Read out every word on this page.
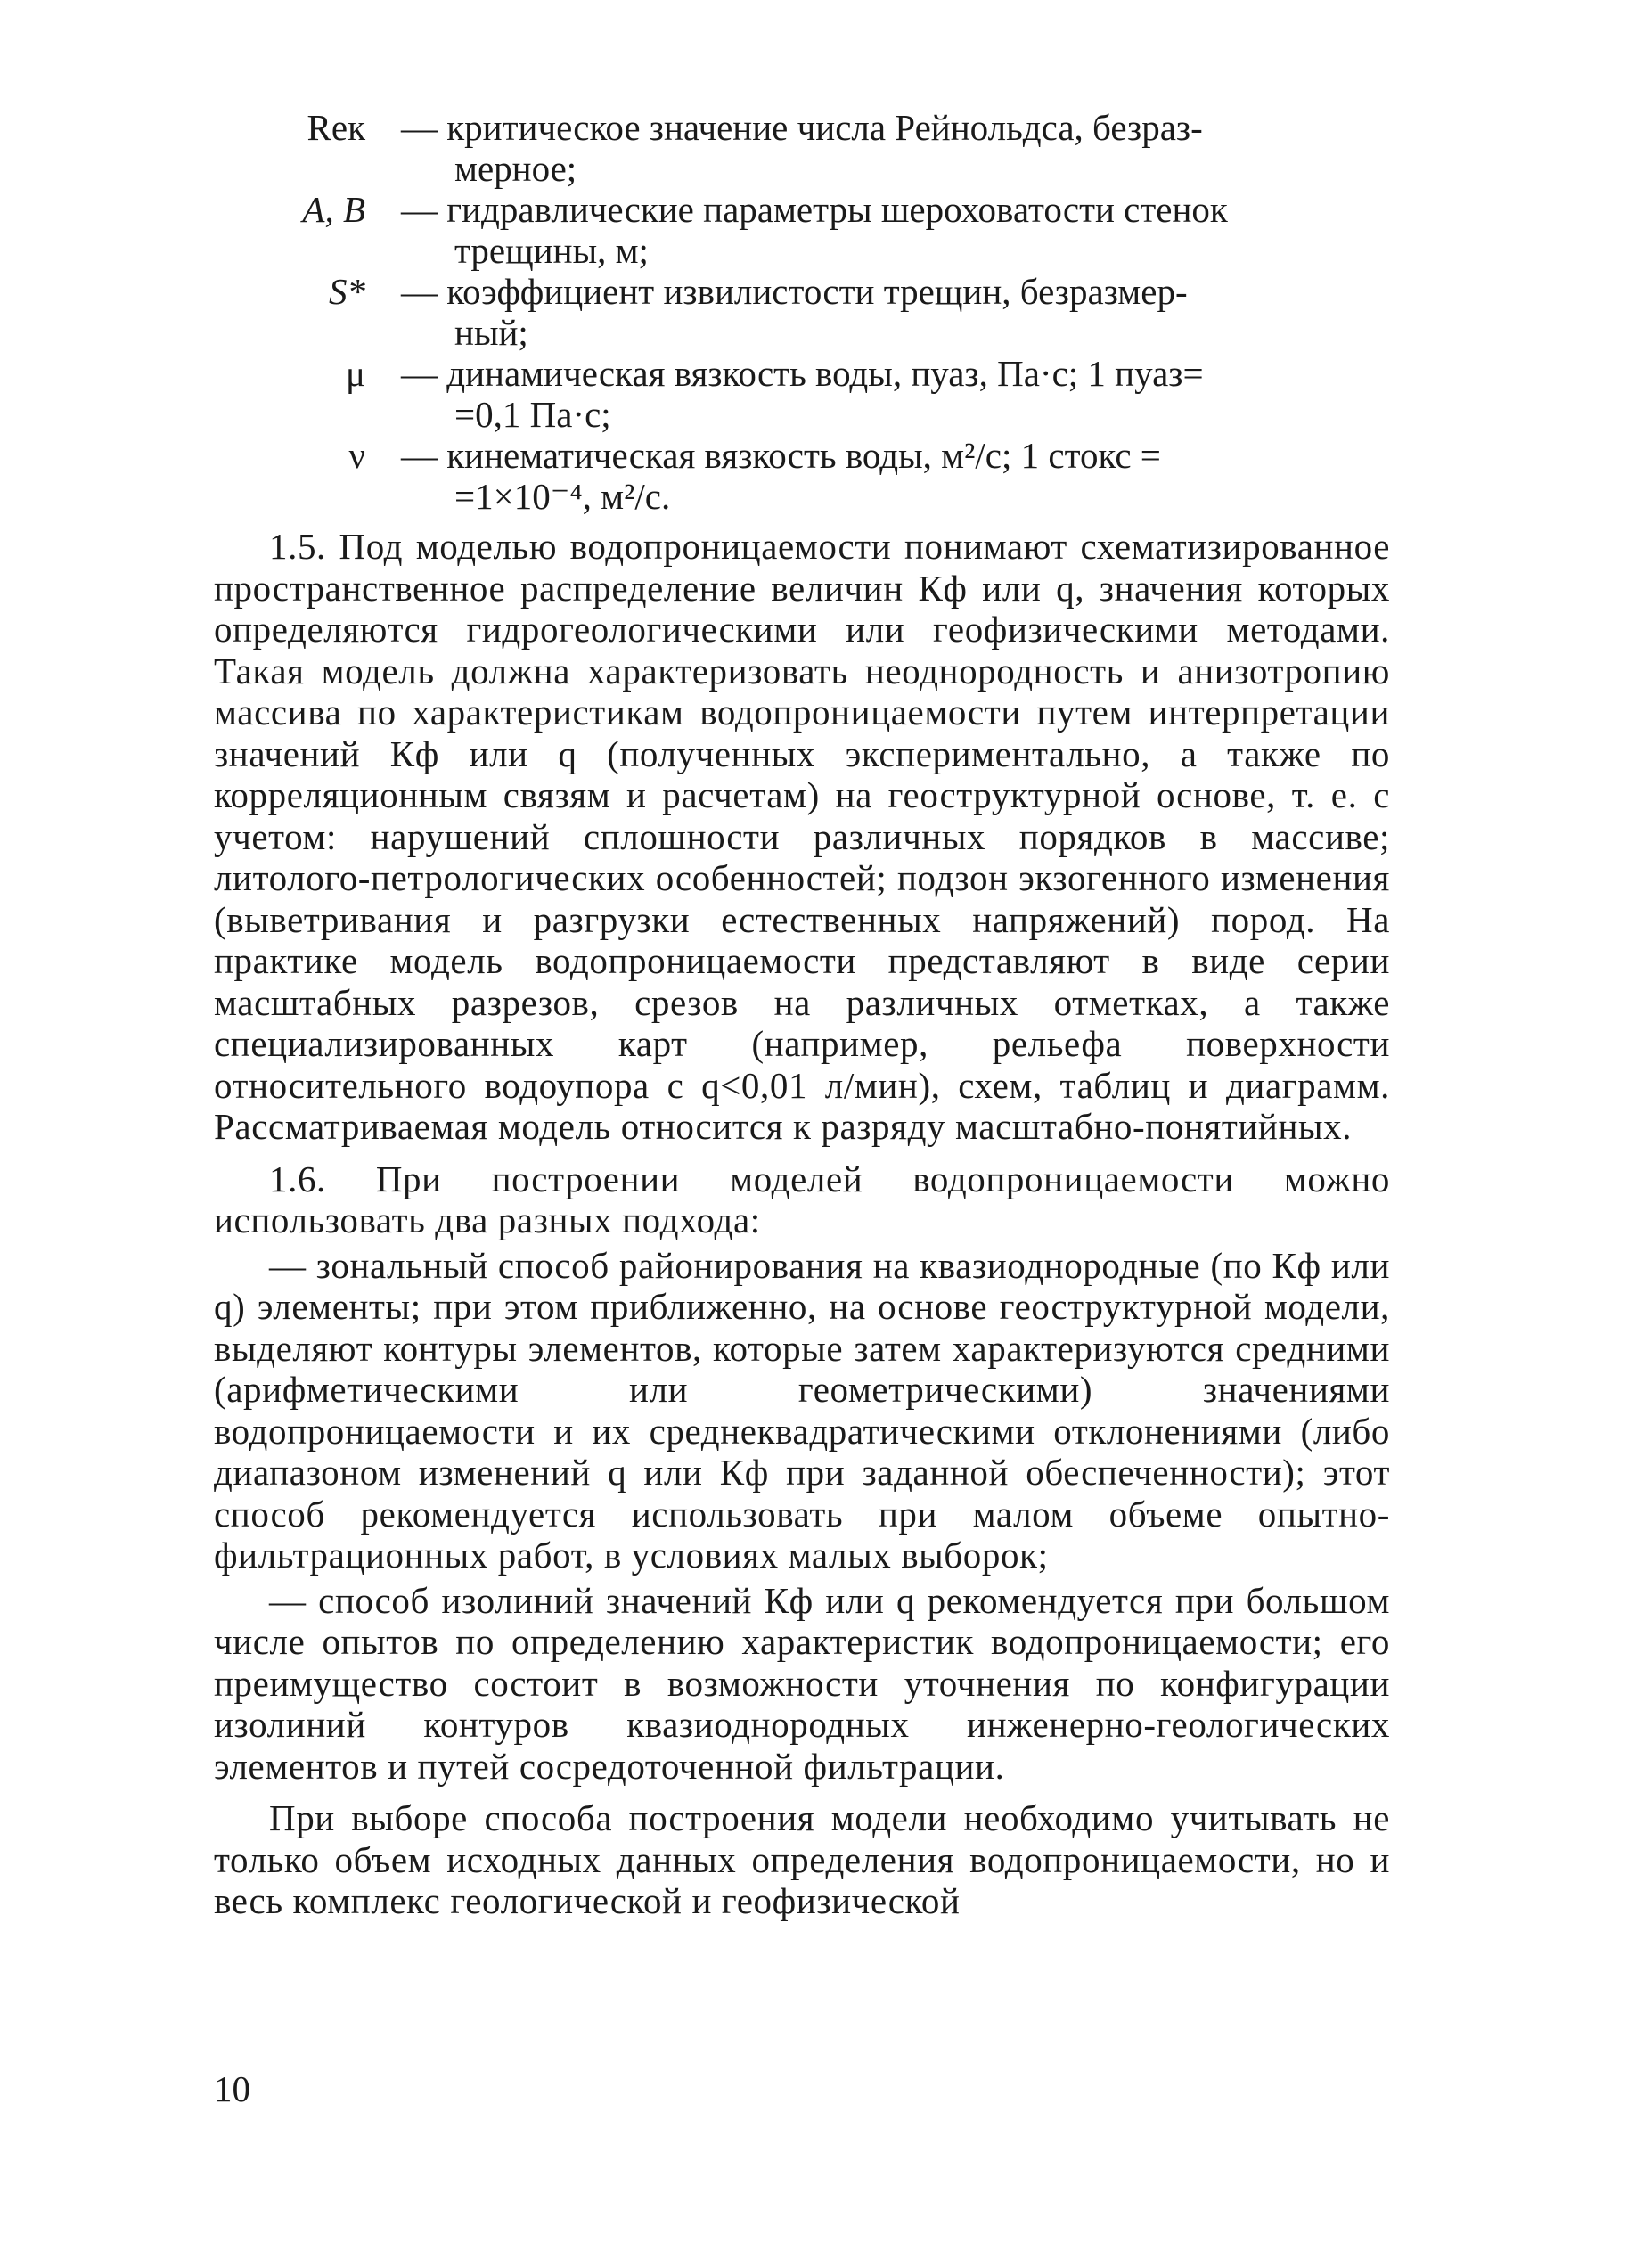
Reк — критическое значение числа Рейнольдса, безраз-
мерное;
A, B — гидравлические параметры шероховатости стенок
трещины, м;
S* — коэффициент извилистости трещин, безразмер-
ный;
μ — динамическая вязкость воды, пуаз, Па·с; 1 пуаз=
=0,1 Па·с;
ν — кинематическая вязкость воды, м²/с; 1 стокс =
=1×10⁻⁴, м²/с.

1.5. Под моделью водопроницаемости понимают схематизированное пространственное распределение величин Кф или q, значения которых определяются гидрогеологическими или геофизическими методами. Такая модель должна характеризовать неоднородность и анизотропию массива по характеристикам водопроницаемости путем интерпретации значений Кф или q (полученных экспериментально, а также по корреляционным связям и расчетам) на геоструктурной основе, т. е. с учетом: нарушений сплошности различных порядков в массиве; литолого-петрологических особенностей; подзон экзогенного изменения (выветривания и разгрузки естественных напряжений) пород. На практике модель водопроницаемости представляют в виде серии масштабных разрезов, срезов на различных отметках, а также специализированных карт (например, рельефа поверхности относительного водоупора с q<0,01 л/мин), схем, таблиц и диаграмм. Рассматриваемая модель относится к разряду масштабно-понятийных.

1.6. При построении моделей водопроницаемости можно использовать два разных подхода:

— зональный способ районирования на квазиоднородные (по Кф или q) элементы; при этом приближенно, на основе геоструктурной модели, выделяют контуры элементов, которые затем характеризуются средними (арифметическими или геометрическими) значениями водопроницаемости и их среднеквадратическими отклонениями (либо диапазоном изменений q или Кф при заданной обеспеченности); этот способ рекомендуется использовать при малом объеме опытно-фильтрационных работ, в условиях малых выборок;

— способ изолиний значений Кф или q рекомендуется при большом числе опытов по определению характеристик водопроницаемости; его преимущество состоит в возможности уточнения по конфигурации изолиний контуров квазиоднородных инженерно-геологических элементов и путей сосредоточенной фильтрации.

При выборе способа построения модели необходимо учитывать не только объем исходных данных определения водопроницаемости, но и весь комплекс геологической и геофизической

10
